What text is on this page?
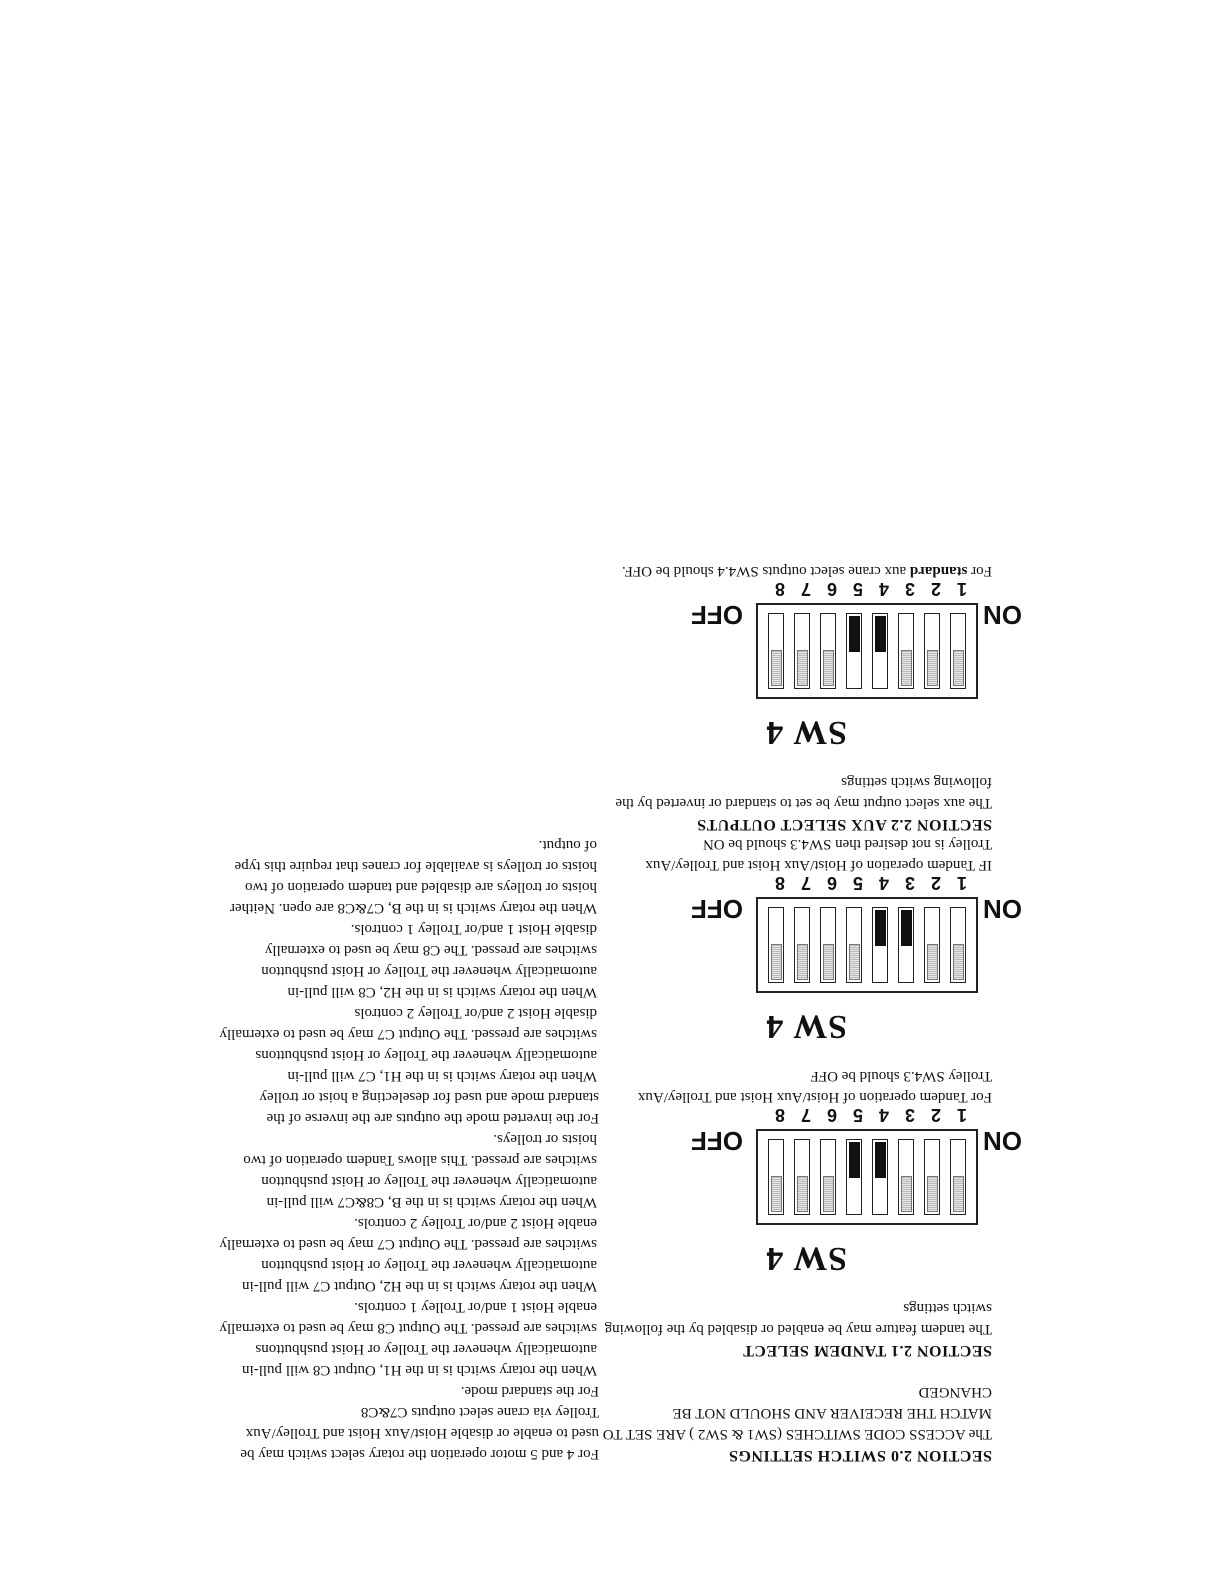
SECTION 2.0 SWITCH SETTINGS

The ACCESS CODE SWITCHES (SW1 & SW2 ) ARE SET TO MATCH THE RECEIVER AND SHOULD NOT BE CHANGED

SECTION 2.1 TANDEM SELECT

The tandem feature may be enabled or disabled by the following switch settings

SW 4
ON
OFF
1
2
3
4
5
6
7
8

For Tandem operation of Hoist/Aux Hoist and Trolley/Aux Trolley SW4.3 should be OFF

SW 4
ON
OFF
1
2
3
4
5
6
7
8

IF Tandem operation of Hoist/Aux Hoist and Trolley/Aux Trolley is not desired then SW4.3 should be ON

SECTION 2.2 AUX SELECT OUTPUTS

The aux select output may be set to standard or inverted by the following switch settings

SW 4
ON
OFF
1
2
3
4
5
6
7
8

For standard aux crane select outputs SW4.4 should be OFF.

For 4 and 5 motor operation the rotary select switch may be used to enable or disable Hoist/Aux Hoist and Trolley/Aux Trolley via crane select outputs C7&C8

For the standard mode.

When the rotary switch is in the H1, Output C8 will pull-in automatically whenever the Trolley or Hoist pushbuttons switches are pressed. The Output C8 may be used to externally enable Hoist 1 and/or Trolley 1 controls.

When the rotary switch is in the H2, Output C7 will pull-in automatically whenever the Trolley or Hoist pushbutton switches are pressed. The Output C7 may be used to externally enable Hoist 2 and/or Trolley 2 controls.

When the rotary switch is in the B, C8&C7 will pull-in automatically whenever the Trolley or Hoist pushbutton switches are pressed. This allows Tandem operation of two hoists or trolleys.

For the inverted mode the outputs are the inverse of the standard mode and used for deselecting a hoist or trolley

When the rotary switch is in the H1, C7 will pull-in automatically whenever the Trolley or Hoist pushbuttons switches are pressed. The Output C7 may be used to externally disable Hoist 2 and/or Trolley 2 controls

When the rotary switch is in the H2, C8 will pull-in automatically whenever the Trolley or Hoist pushbutton switches are pressed. The C8 may be used to externally disable Hoist 1 and/or Trolley 1 controls.

When the rotary switch is in the B, C7&C8 are open. Neither hoists or trolleys are disabled and tandem operation of two hoists or trolleys is available for cranes that require this type of output.
